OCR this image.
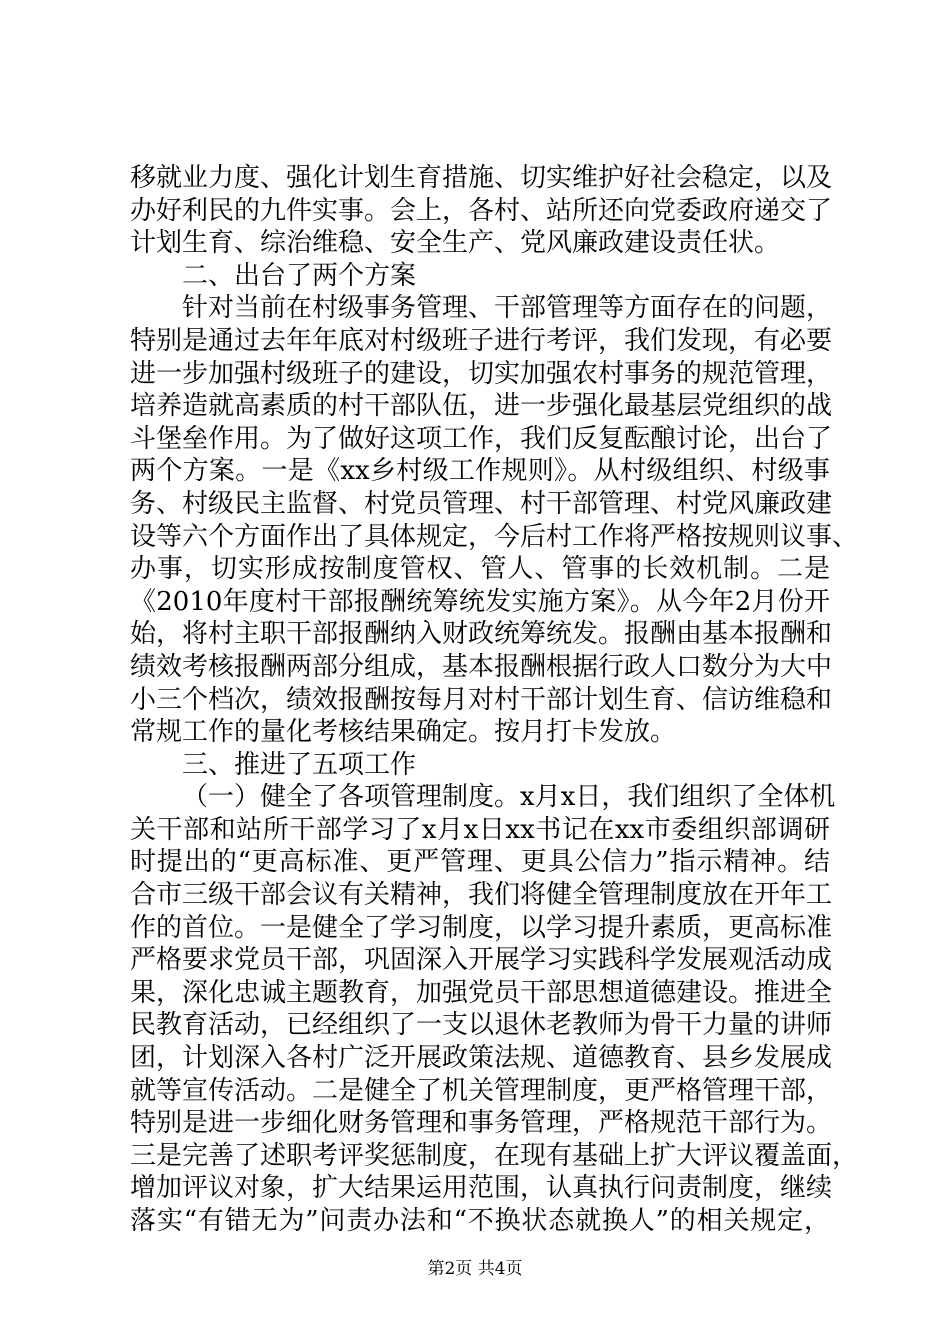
移就业力度、强化计划生育措施、切实维护好社会稳定，以及
办好利民的九件实事。会上，各村、站所还向党委政府递交了
计划生育、综治维稳、安全生产、党风廉政建设责任状。
二、出台了两个方案
针对当前在村级事务管理、干部管理等方面存在的问题，
特别是通过去年年底对村级班子进行考评，我们发现，有必要
进一步加强村级班子的建设，切实加强农村事务的规范管理，
培养造就高素质的村干部队伍，进一步强化最基层党组织的战
斗堡垒作用。为了做好这项工作，我们反复酝酿讨论，出台了
两个方案。一是《xx乡村级工作规则》。从村级组织、村级事
务、村级民主监督、村党员管理、村干部管理、村党风廉政建
设等六个方面作出了具体规定，今后村工作将严格按规则议事、
办事，切实形成按制度管权、管人、管事的长效机制。二是
《2010年度村干部报酬统筹统发实施方案》。从今年2月份开
始，将村主职干部报酬纳入财政统筹统发。报酬由基本报酬和
绩效考核报酬两部分组成，基本报酬根据行政人口数分为大中
小三个档次，绩效报酬按每月对村干部计划生育、信访维稳和
常规工作的量化考核结果确定。按月打卡发放。
三、推进了五项工作
（一）健全了各项管理制度。x月x日，我们组织了全体机
关干部和站所干部学习了x月x日xx书记在xx市委组织部调研
时提出的“更高标准、更严管理、更具公信力”指示精神。结
合市三级干部会议有关精神，我们将健全管理制度放在开年工
作的首位。一是健全了学习制度，以学习提升素质，更高标准
严格要求党员干部，巩固深入开展学习实践科学发展观活动成
果，深化忠诚主题教育，加强党员干部思想道德建设。推进全
民教育活动，已经组织了一支以退休老教师为骨干力量的讲师
团，计划深入各村广泛开展政策法规、道德教育、县乡发展成
就等宣传活动。二是健全了机关管理制度，更严格管理干部，
特别是进一步细化财务管理和事务管理，严格规范干部行为。
三是完善了述职考评奖惩制度，在现有基础上扩大评议覆盖面，
增加评议对象，扩大结果运用范围，认真执行问责制度，继续
落实“有错无为”问责办法和“不换状态就换人”的相关规定，
第2页 共4页
